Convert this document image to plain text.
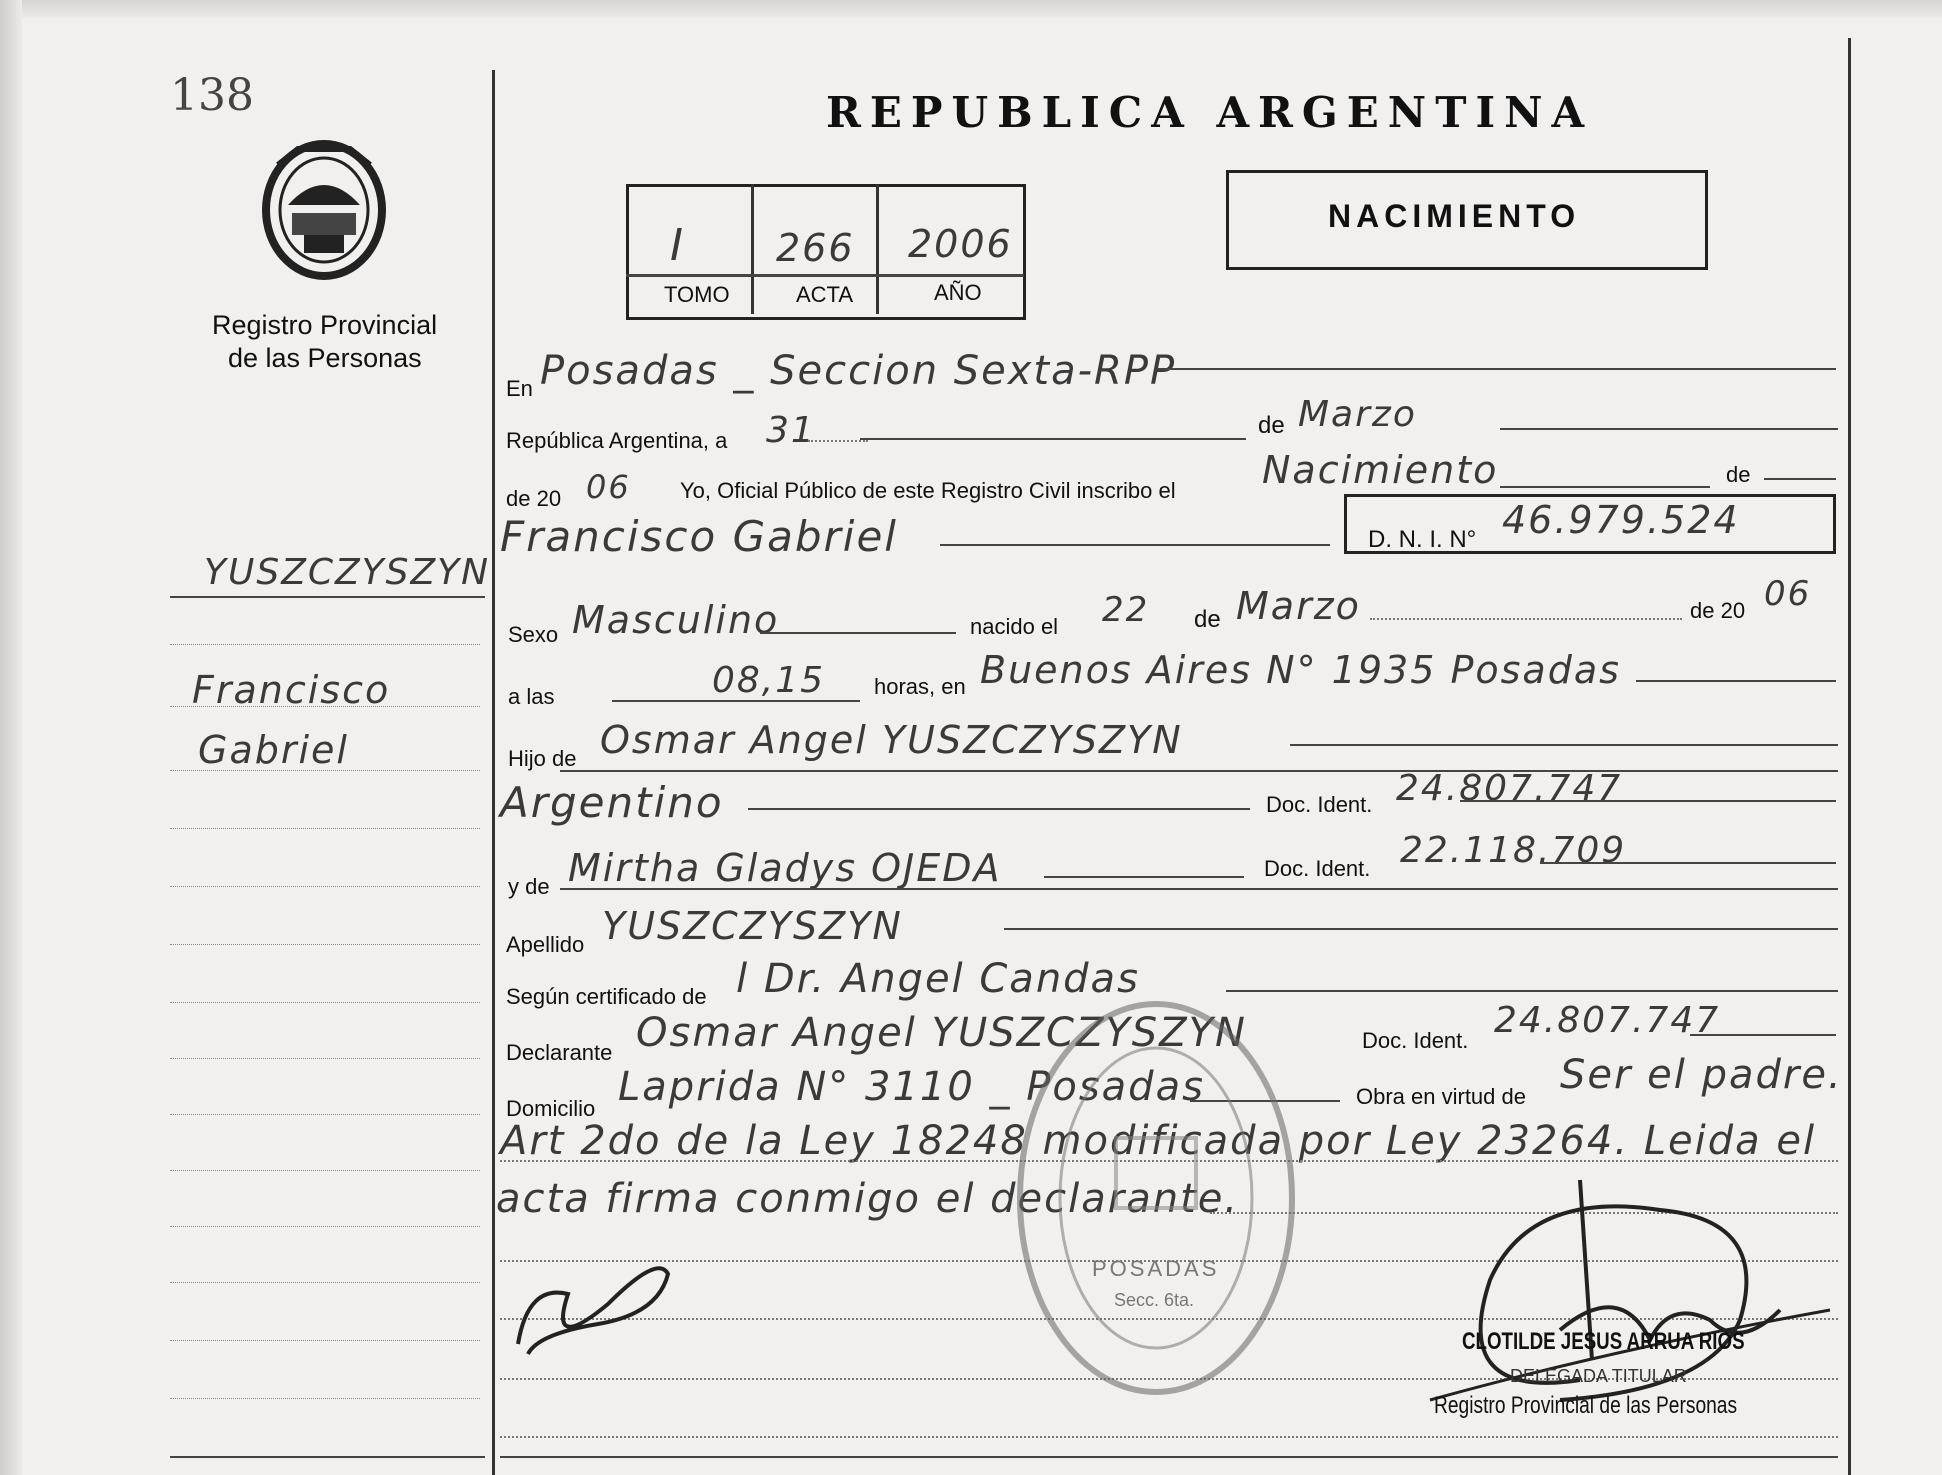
138
Registro Provincial
de las Personas
YUSZCZYSZYN
Francisco
Gabriel
REPUBLICA ARGENTINA
I 266 2006
TOMO	ACTA	AÑO
NACIMIENTO
En Posadas _ Seccion Sexta-RPP
República Argentina, a 31	de Marzo
de 20 06 Yo, Oficial Público de este Registro Civil inscribo el Nacimiento	de
Francisco Gabriel	D. N. I. N° 46.979.524
Sexo Masculino	nacido el 22 de Marzo	de 20 06
a las	08,15 horas, en Buenos Aires N° 1935 Posadas
Hijo de Osmar Angel YUSZCZYSZYN
Argentino	Doc. Ident. 24.807.747
y de Mirtha Gladys OJEDA	Doc. Ident. 22.118.709
Apellido YUSZCZYSZYN
Según certificado de l Dr. Angel Candas
Declarante Osmar Angel YUSZCZYSZYN	Doc. Ident. 24.807.747
Domicilio Laprida N° 3110 _ Posadas	Obra en virtud de Ser el padre.
Art 2do de la Ley 18248 modificada por Ley 23264. Leida el
acta firma conmigo el declarante.
POSADAS
Secc. 6ta.
CLOTILDE JESUS ARRUA RIOS
DELEGADA TITULAR
Registro Provincial de las Personas
